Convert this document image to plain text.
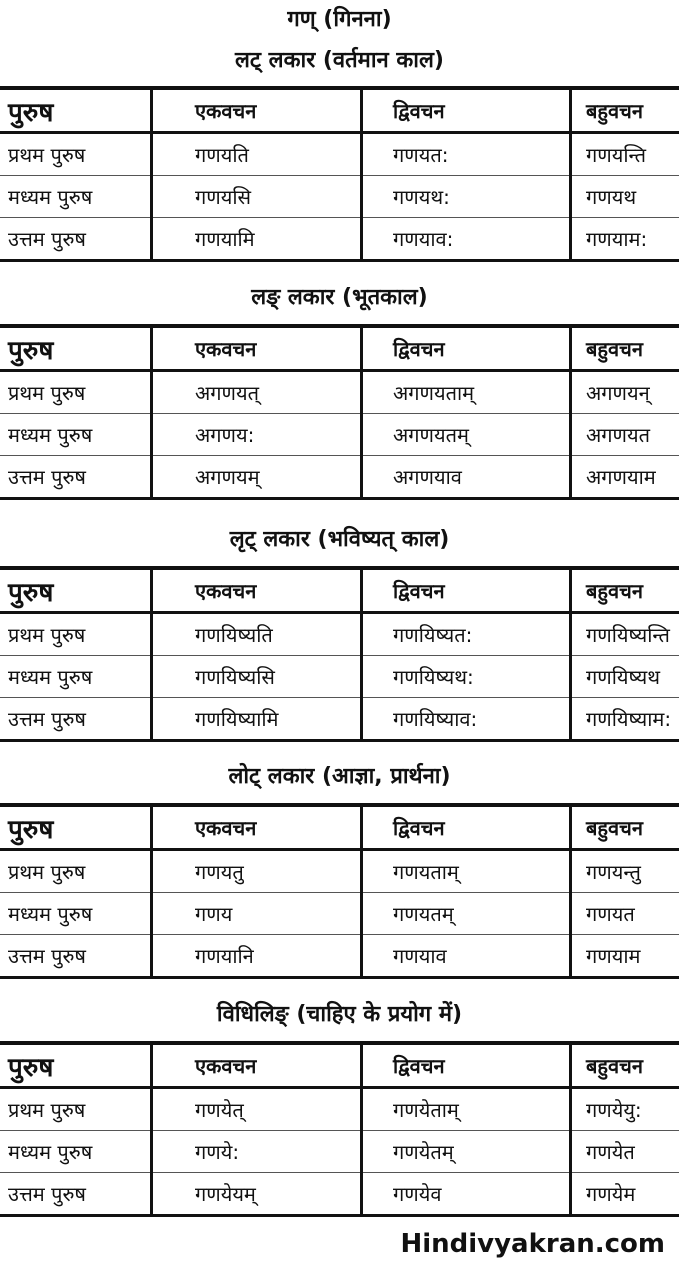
गण् (गिनना)
लट् लकार (वर्तमान काल)
पुरुष	एकवचन	द्विवचन	बहुवचन
प्रथम पुरुष	गणयति	गणयत:	गणयन्ति
मध्यम पुरुष	गणयसि	गणयथ:	गणयथ
उत्तम पुरुष	गणयामि	गणयाव:	गणयाम:
लङ् लकार (भूतकाल)
पुरुष	एकवचन	द्विवचन	बहुवचन
प्रथम पुरुष	अगणयत्	अगणयताम्	अगणयन्
मध्यम पुरुष	अगणय:	अगणयतम्	अगणयत
उत्तम पुरुष	अगणयम्	अगणयाव	अगणयाम
लृट् लकार (भविष्यत् काल)
पुरुष	एकवचन	द्विवचन	बहुवचन
प्रथम पुरुष	गणयिष्यति	गणयिष्यत:	गणयिष्यन्ति
मध्यम पुरुष	गणयिष्यसि	गणयिष्यथ:	गणयिष्यथ
उत्तम पुरुष	गणयिष्यामि	गणयिष्याव:	गणयिष्याम:
लोट् लकार (आज्ञा, प्रार्थना)
पुरुष	एकवचन	द्विवचन	बहुवचन
प्रथम पुरुष	गणयतु	गणयताम्	गणयन्तु
मध्यम पुरुष	गणय	गणयतम्	गणयत
उत्तम पुरुष	गणयानि	गणयाव	गणयाम
विधिलिङ् (चाहिए के प्रयोग में)
पुरुष	एकवचन	द्विवचन	बहुवचन
प्रथम पुरुष	गणयेत्	गणयेताम्	गणयेयु:
मध्यम पुरुष	गणये:	गणयेतम्	गणयेत
उत्तम पुरुष	गणयेयम्	गणयेव	गणयेम
Hindivyakran.com
